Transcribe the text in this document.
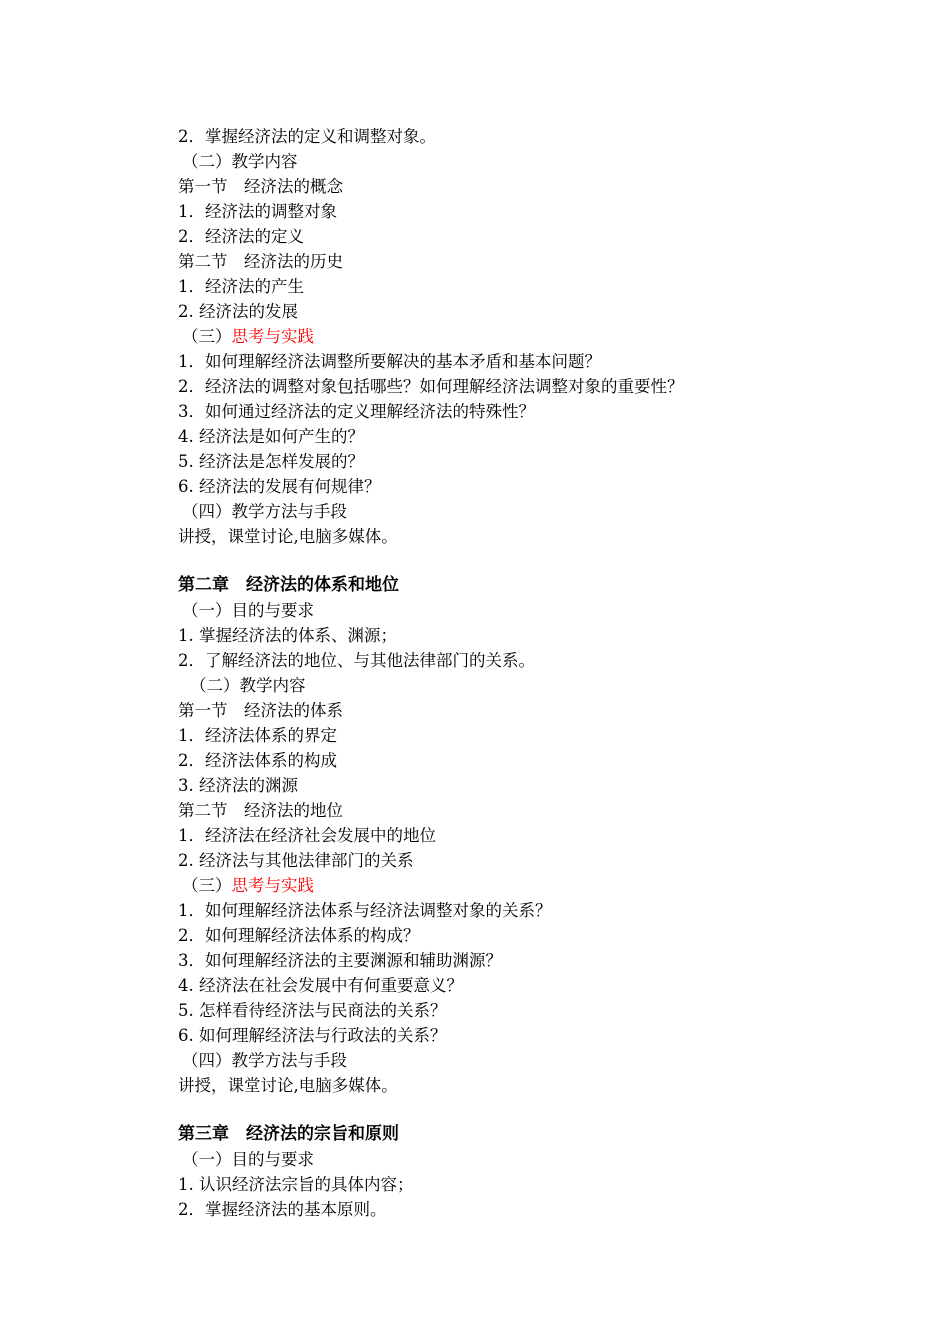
2．掌握经济法的定义和调整对象。
（二）教学内容
第一节　经济法的概念
1．经济法的调整对象
2．经济法的定义
第二节　经济法的历史
1．经济法的产生
2. 经济法的发展
（三）思考与实践
1．如何理解经济法调整所要解决的基本矛盾和基本问题？
2．经济法的调整对象包括哪些？如何理解经济法调整对象的重要性？
3．如何通过经济法的定义理解经济法的特殊性？
4. 经济法是如何产生的？
5. 经济法是怎样发展的？
6. 经济法的发展有何规律？
（四）教学方法与手段
讲授，课堂讨论,电脑多媒体。
第二章　经济法的体系和地位
（一）目的与要求
1. 掌握经济法的体系、渊源；
2．了解经济法的地位、与其他法律部门的关系。
（二）教学内容
第一节　经济法的体系
1．经济法体系的界定
2．经济法体系的构成
3. 经济法的渊源
第二节　经济法的地位
1．经济法在经济社会发展中的地位
2. 经济法与其他法律部门的关系
（三）思考与实践
1．如何理解经济法体系与经济法调整对象的关系？
2．如何理解经济法体系的构成？
3．如何理解经济法的主要渊源和辅助渊源？
4. 经济法在社会发展中有何重要意义？
5. 怎样看待经济法与民商法的关系？
6. 如何理解经济法与行政法的关系？
（四）教学方法与手段
讲授，课堂讨论,电脑多媒体。
第三章　经济法的宗旨和原则
（一）目的与要求
1. 认识经济法宗旨的具体内容；
2．掌握经济法的基本原则。
